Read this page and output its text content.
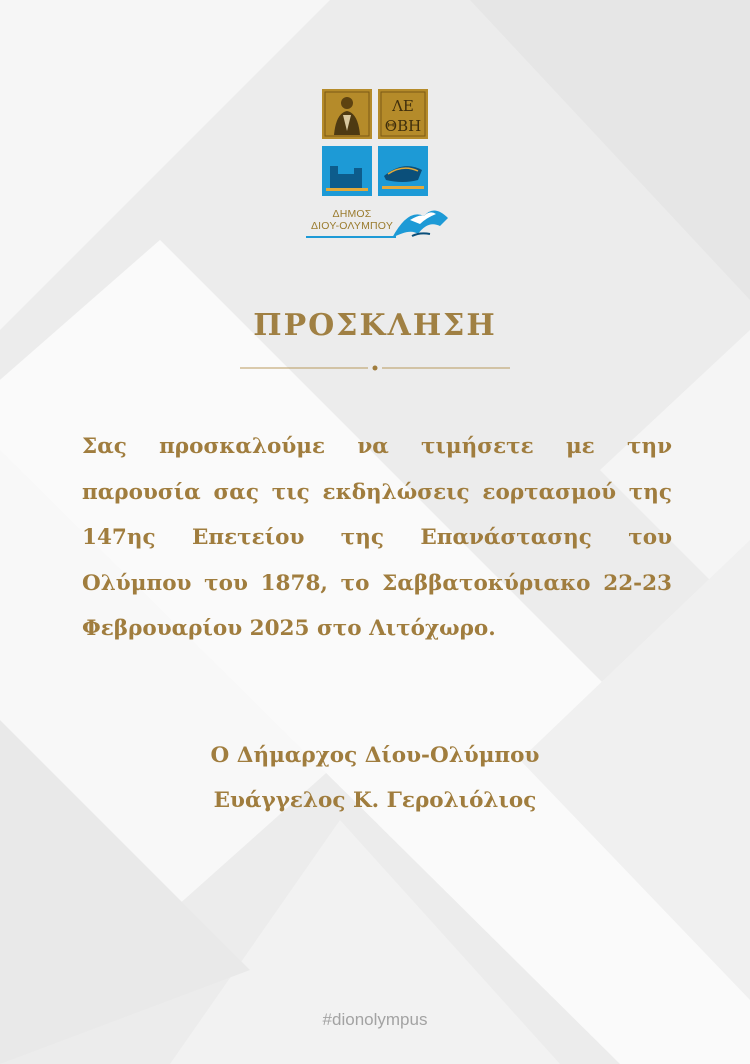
ΛΕ
ΘΒΗ
ΔΗΜΟΣ
ΔΙΟΥ-ΟΛΥΜΠΟΥ
ΠΡΟΣΚΛΗΣΗ
Σας προσκαλούμε να τιμήσετε με την παρουσία σας τις εκδηλώσεις εορτασμού της 147ης Επετείου της Επανάστασης του Ολύμπου του 1878, το Σαββατοκύριακο 22-23 Φεβρουαρίου 2025 στο Λιτόχωρο.
Ο Δήμαρχος Δίου-Ολύμπου
Ευάγγελος Κ. Γερολιόλιος
#dionolympus
